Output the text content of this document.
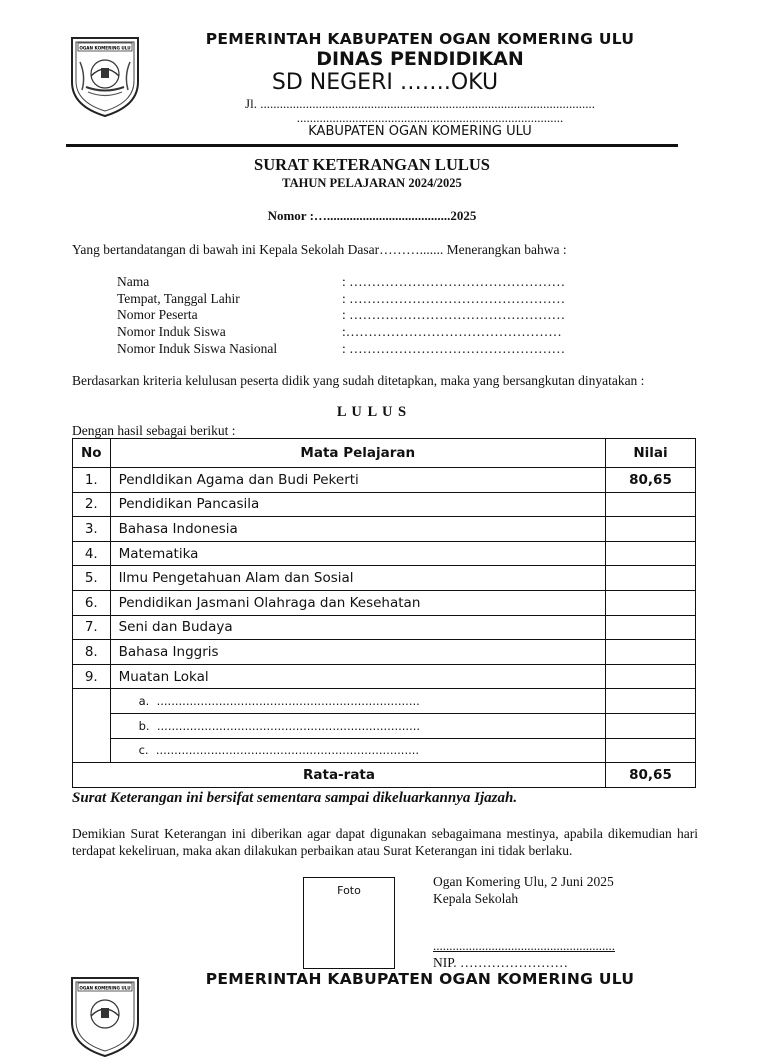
OGAN KOMERING ULU	PEMERINTAH KABUPATEN OGAN KOMERING ULU
DINAS PENDIDIKAN
SD NEGERI …….OKU
Jl. .......................................................................................................
..................................................................................
KABUPATEN OGAN KOMERING ULU
SURAT KETERANGAN LULUS
TAHUN PELAJARAN 2024/2025
Nomor :…......................................2025
Yang bertandatangan di bawah ini Kepala Sekolah Dasar………....... Menerangkan bahwa :
Nama	: …………………………………………
Tempat, Tanggal Lahir	: …………………………………………
Nomor Peserta	: …………………………………………
Nomor Induk Siswa	:…………………………………………
Nomor Induk Siswa Nasional	: …………………………………………
Berdasarkan kriteria kelulusan peserta didik yang sudah ditetapkan, maka yang bersangkutan dinyatakan :
L U L U S
Dengan hasil sebagai berikut :
No	Mata Pelajaran	Nilai
1.	PendIdikan Agama dan Budi Pekerti	80,65
2.	Pendidikan Pancasila	
3.	Bahasa Indonesia	
4.	Matematika	
5.	Ilmu Pengetahuan Alam dan Sosial	
6.	Pendidikan Jasmani Olahraga dan Kesehatan	
7.	Seni dan Budaya	
8.	Bahasa Inggris	
9.	Muatan Lokal	
	a. ........................................................................	
	b. ........................................................................	
	c. ........................................................................	
Rata-rata		80,65
Surat Keterangan ini bersifat sementara sampai dikeluarkannya Ijazah.
Demikian Surat Keterangan ini diberikan agar dapat digunakan sebagaimana mestinya, apabila dikemudian hari terdapat kekeliruan, maka akan dilakukan perbaikan atau Surat Keterangan ini tidak berlaku.
Foto
Ogan Komering Ulu, 2 Juni 2025
Kepala Sekolah
........................................................
NIP. ……………………
OGAN KOMERING ULU	PEMERINTAH KABUPATEN OGAN KOMERING ULU
